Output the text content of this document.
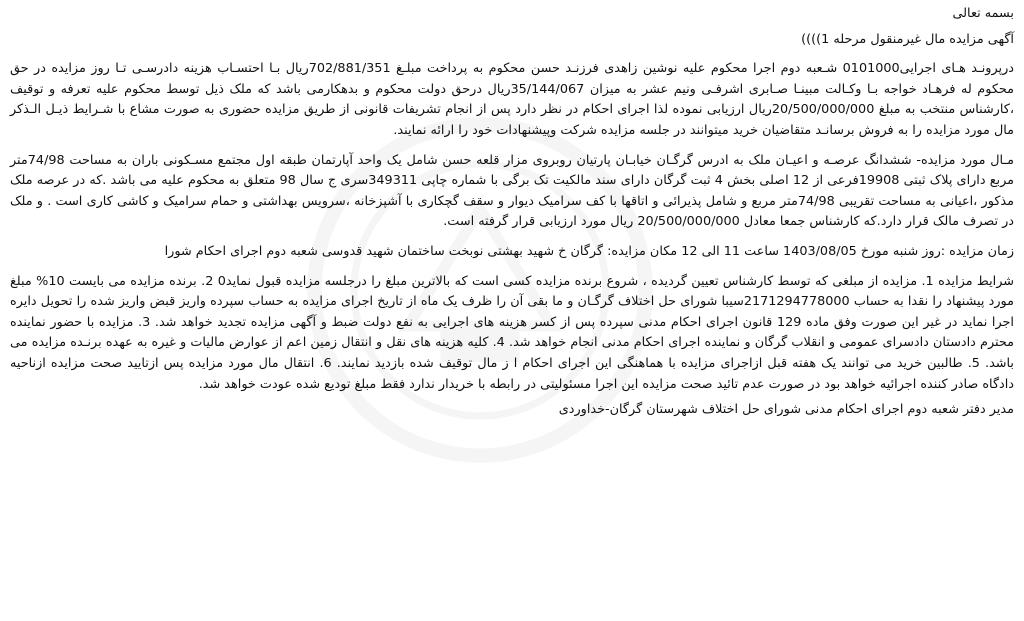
بسمه تعالی

آگهی مزایده مال غیرمنقول مرحله 1))))

درپرونـد هـای اجرایی0101000 شـعبه دوم اجرا محکوم علیه نوشین زاهدی فرزنـد حسن محکوم به پرداخت مبلـغ 702/881/351ریال بـا احتسـاب هزینه دادرسـی تـا روز مزایده در حق محکوم له فرهـاد خواجه بـا وکـالت مبینـا صـابری اشرفـی ونیم عشر به میزان 35/144/067ریال درحق دولت محکوم و بدهکارمی باشد که ملک ذیل توسط محکوم علیه تعرفه و توقیف ،کارشناس منتخب به مبلغ 20/500/000/000ریال ارزیابی نموده لذا اجرای احکام در نظر دارد پس از انجام تشریفات قانونی از طریق مزایده حضوری به صورت مشاع با شـرایط ذیـل الـذکر مال مورد مزایده را به فروش برسانـد متقاضیان خرید میتوانند در جلسه مزایده شرکت وپیشنهادات خود را ارائه نمایند.

مـال مورد مزایده- ششدانگ عرصـه و اعیـان ملک به ادرس گرگـان خیابـان پارتیان روبروی مزار قلعه حسن شامل یک واحد آپارتمان طبقه اول مجتمع مسـکونی باران به مساحت 74/98متر مربع دارای پلاک ثبتی 19908فرعی از 12 اصلی بخش 4 ثبت گرگان دارای سند مالکیت تک برگی با شماره چاپی 349311سری ج سال 98 متعلق به محکوم علیه می باشد .که در عرصه ملک مذکور ،اعیانی به مساحت تقریبی 74/98متر مربع و شامل پذیرائی و اتاقها با کف سرامیک دیوار و سقف گچکاری با آشپزخانه ،سرویس بهداشتی و حمام سرامیک و کاشی کاری است . و ملک در تصرف مالک قرار دارد.که کارشناس جمعا معادل 20/500/000/000 ریال مورد ارزیابی قرار گرفته است.

زمان مزایده :روز شنبه مورخ 1403/08/05 ساعت 11 الی 12 مکان مزایده: گرگان خ شهید بهشتی نوبخت ساختمان شهید قدوسی شعبه دوم اجرای احکام شورا

شرایط مزایده 1. مزایده از مبلغی که توسط کارشناس تعیین گردیده ، شروع برنده مزایده کسی است که بالاترین مبلغ را درجلسه مزایده قبول نماید0 2. برنده مزایده می بایست 10% مبلغ مورد پیشنهاد را نقدا به حساب 2171294778000سیبا شورای حل اختلاف گرگـان و ما بقی آن را ظرف یک ماه از تاریخ اجرای مزایده به حساب سپرده واریز قبض واریز شده را تحویل دایره اجرا نماید در غیر این صورت وفق ماده 129 قانون اجرای احکام مدنی سپرده پس از کسر هزینه های اجرایی به نفع دولت ضبط و آگهی مزایده تجدید خواهد شد. 3. مزایده با حضور نماینده محترم دادستان دادسرای عمومی و انقلاب گرگان و نماینده اجرای احکام مدنی انجام خواهد شد. 4. کلیه هزینه های نقل و انتقال زمین اعم از عوارض مالیات و غیره به عهده برنـده مزایده می باشد. 5. طالبین خرید می توانند یک هفته قبل ازاجرای مزایده با هماهنگی این اجرای احکام ا ز مال توقیف شده بازدید نمایند. 6. انتقال مال مورد مزایده پس ازتایید صحت مزایده ازناحیه دادگاه صادر کننده اجرائیه خواهد بود در صورت عدم تائید صحت مزایده این اجرا مسئولیتی در رابطه با خریدار ندارد فقط مبلغ تودیع شده عودت خواهد شد.

مدیر دفتر شعبه دوم اجرای احکام مدنی شورای حل اختلاف شهرستان گرگان-خداوردی
